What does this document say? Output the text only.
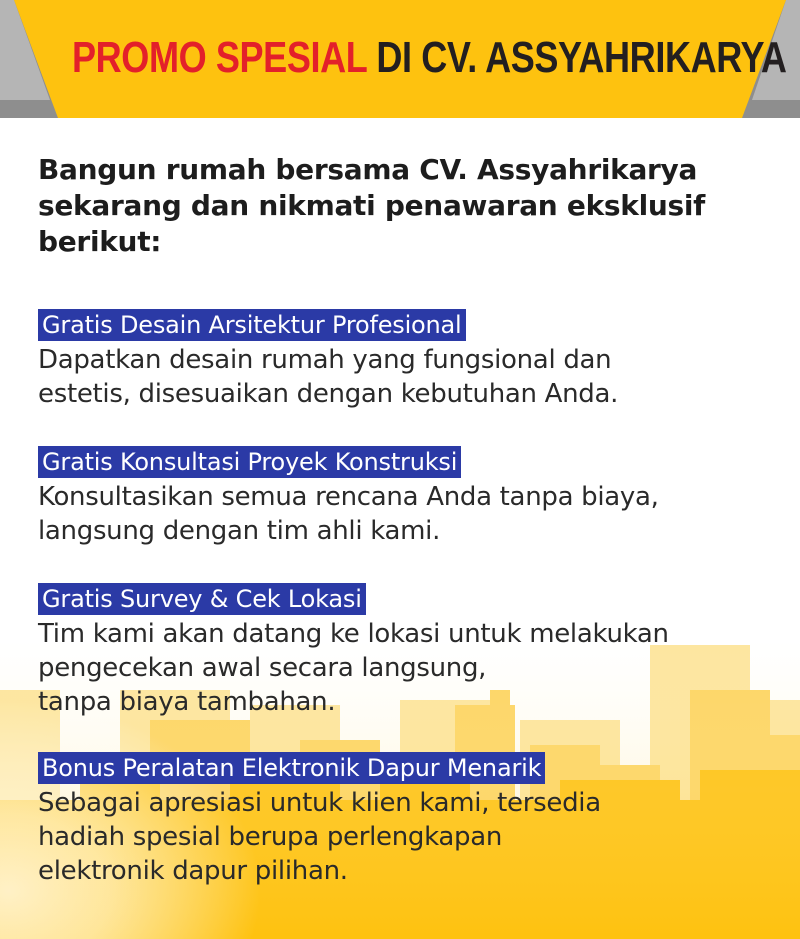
PROMO SPESIAL DI CV. ASSYAHRIKARYA
Bangun rumah bersama CV. Assyahrikarya sekarang dan nikmati penawaran eksklusif berikut:
Gratis Desain Arsitektur Profesional
Dapatkan desain rumah yang fungsional dan
estetis, disesuaikan dengan kebutuhan Anda.
Gratis Konsultasi Proyek Konstruksi
Konsultasikan semua rencana Anda tanpa biaya,
langsung dengan tim ahli kami.
Gratis Survey & Cek Lokasi
Tim kami akan datang ke lokasi untuk melakukan
pengecekan awal secara langsung,
tanpa biaya tambahan.
Bonus Peralatan Elektronik Dapur Menarik
Sebagai apresiasi untuk klien kami, tersedia
hadiah spesial berupa perlengkapan
elektronik dapur pilihan.
